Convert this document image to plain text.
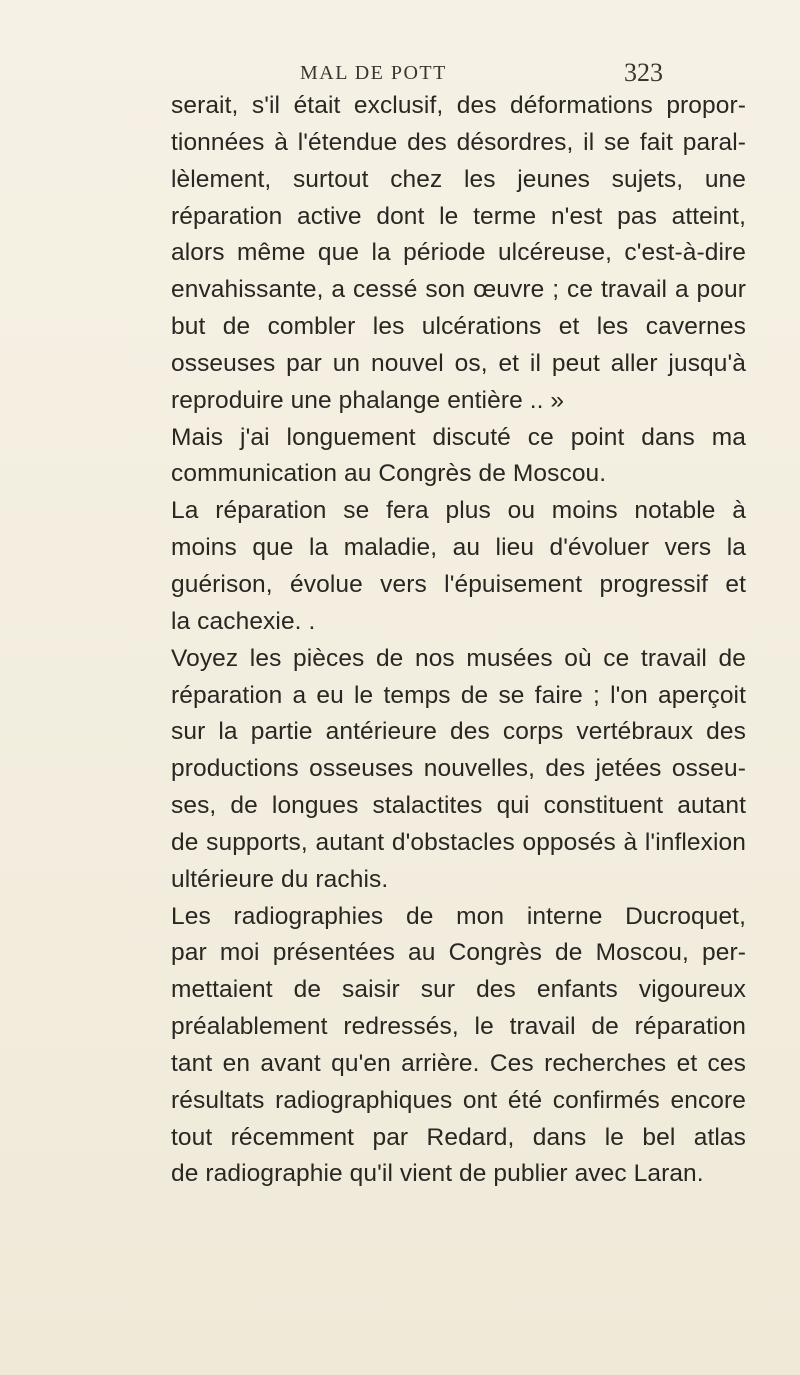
MAL DE POTT	323
serait, s'il était exclusif, des déformations propor-
tionnées à l'étendue des désordres, il se fait paral-
lèlement, surtout chez les jeunes sujets, une
réparation active dont le terme n'est pas atteint,
alors même que la période ulcéreuse, c'est-à-dire
envahissante, a cessé son œuvre ; ce travail a pour
but de combler les ulcérations et les cavernes
osseuses par un nouvel os, et il peut aller jusqu'à
reproduire une phalange entière .. »
Mais j'ai longuement discuté ce point dans ma
communication au Congrès de Moscou.
La réparation se fera plus ou moins notable à
moins que la maladie, au lieu d'évoluer vers la
guérison, évolue vers l'épuisement progressif et
la cachexie. .
Voyez les pièces de nos musées où ce travail de
réparation a eu le temps de se faire ; l'on aperçoit
sur la partie antérieure des corps vertébraux des
productions osseuses nouvelles, des jetées osseu-
ses, de longues stalactites qui constituent autant
de supports, autant d'obstacles opposés à l'inflexion
ultérieure du rachis.
Les radiographies de mon interne Ducroquet,
par moi présentées au Congrès de Moscou, per-
mettaient de saisir sur des enfants vigoureux
préalablement redressés, le travail de réparation
tant en avant qu'en arrière. Ces recherches et ces
résultats radiographiques ont été confirmés encore
tout récemment par Redard, dans le bel atlas
de radiographie qu'il vient de publier avec Laran.
